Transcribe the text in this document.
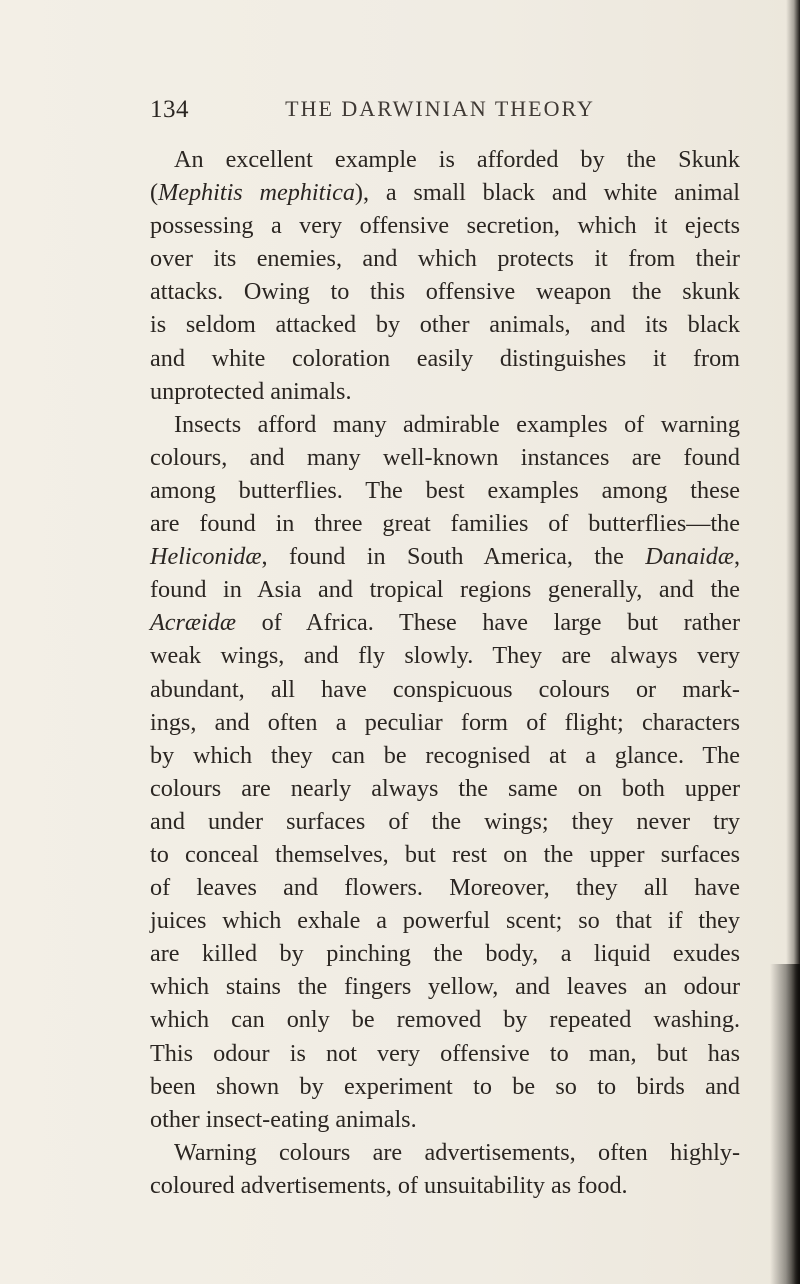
134	THE DARWINIAN THEORY
An excellent example is afforded by the Skunk
(Mephitis mephitica), a small black and white animal
possessing a very offensive secretion, which it ejects
over its enemies, and which protects it from their
attacks. Owing to this offensive weapon the skunk
is seldom attacked by other animals, and its black
and white coloration easily distinguishes it from
unprotected animals.
Insects afford many admirable examples of warning
colours, and many well-known instances are found
among butterflies. The best examples among these
are found in three great families of butterflies—the
Heliconidæ, found in South America, the Danaidæ,
found in Asia and tropical regions generally, and the
Acræidæ of Africa. These have large but rather
weak wings, and fly slowly. They are always very
abundant, all have conspicuous colours or mark-
ings, and often a peculiar form of flight; characters
by which they can be recognised at a glance. The
colours are nearly always the same on both upper
and under surfaces of the wings; they never try
to conceal themselves, but rest on the upper surfaces
of leaves and flowers. Moreover, they all have
juices which exhale a powerful scent; so that if they
are killed by pinching the body, a liquid exudes
which stains the fingers yellow, and leaves an odour
which can only be removed by repeated washing.
This odour is not very offensive to man, but has
been shown by experiment to be so to birds and
other insect-eating animals.
Warning colours are advertisements, often highly-
coloured advertisements, of unsuitability as food.
